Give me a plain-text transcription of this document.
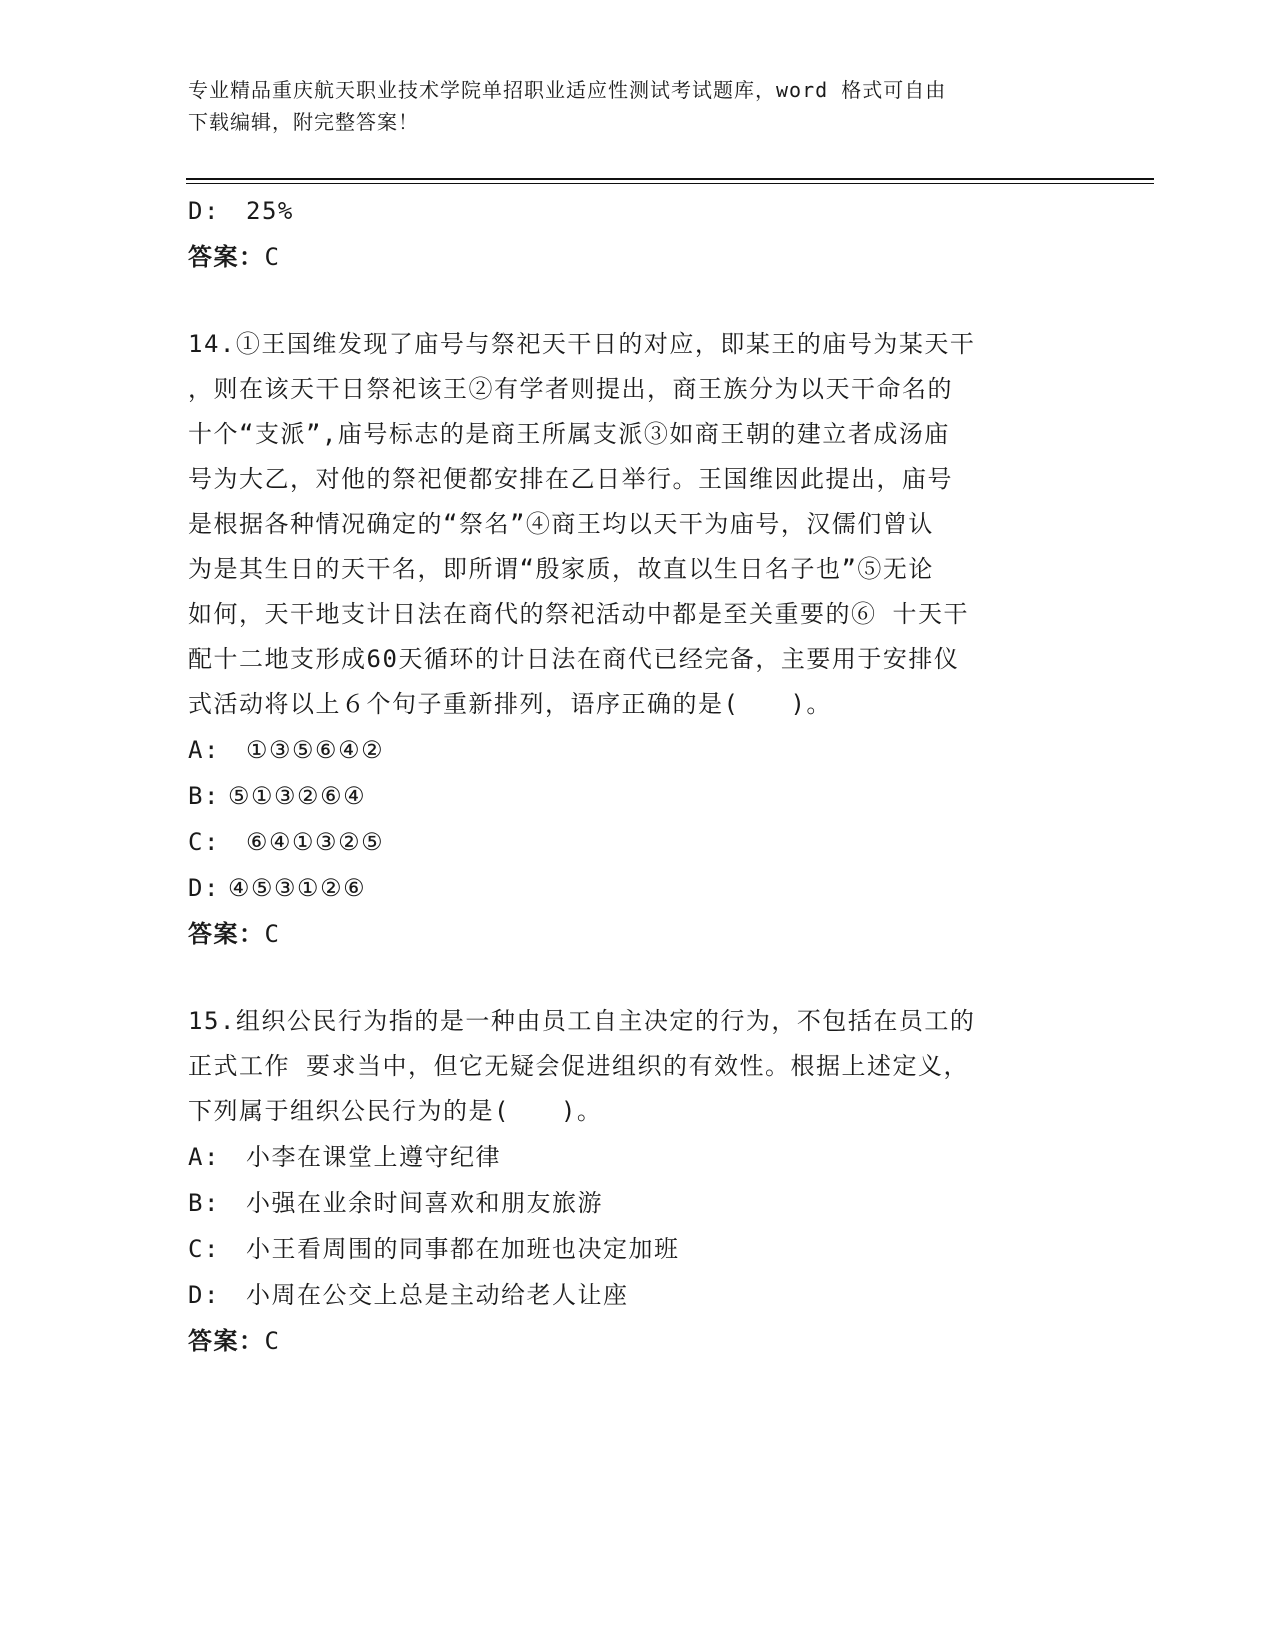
专业精品重庆航天职业技术学院单招职业适应性测试考试题库，word 格式可自由
下载编辑，附完整答案！
D: 25%
答案：C
14.①王国维发现了庙号与祭祀天干日的对应，即某王的庙号为某天干
，则在该天干日祭祀该王②有学者则提出，商王族分为以天干命名的
十个“支派”,庙号标志的是商王所属支派③如商王朝的建立者成汤庙
号为大乙，对他的祭祀便都安排在乙日举行。王国维因此提出，庙号
是根据各种情况确定的“祭名”④商王均以天干为庙号，汉儒们曾认
为是其生日的天干名，即所谓“殷家质，故直以生日名子也”⑤无论
如何，天干地支计日法在商代的祭祀活动中都是至关重要的⑥ 十天干
配十二地支形成60天循环的计日法在商代已经完备，主要用于安排仪
式活动将以上６个句子重新排列，语序正确的是(　　)。
A: ①③⑤⑥④②
B: ⑤①③②⑥④
C: ⑥④①③②⑤
D: ④⑤③①②⑥
答案：C
15.组织公民行为指的是一种由员工自主决定的行为，不包括在员工的
正式工作 要求当中，但它无疑会促进组织的有效性。根据上述定义，
下列属于组织公民行为的是(　　)。
A: 小李在课堂上遵守纪律
B: 小强在业余时间喜欢和朋友旅游
C: 小王看周围的同事都在加班也决定加班
D: 小周在公交上总是主动给老人让座
答案：C
